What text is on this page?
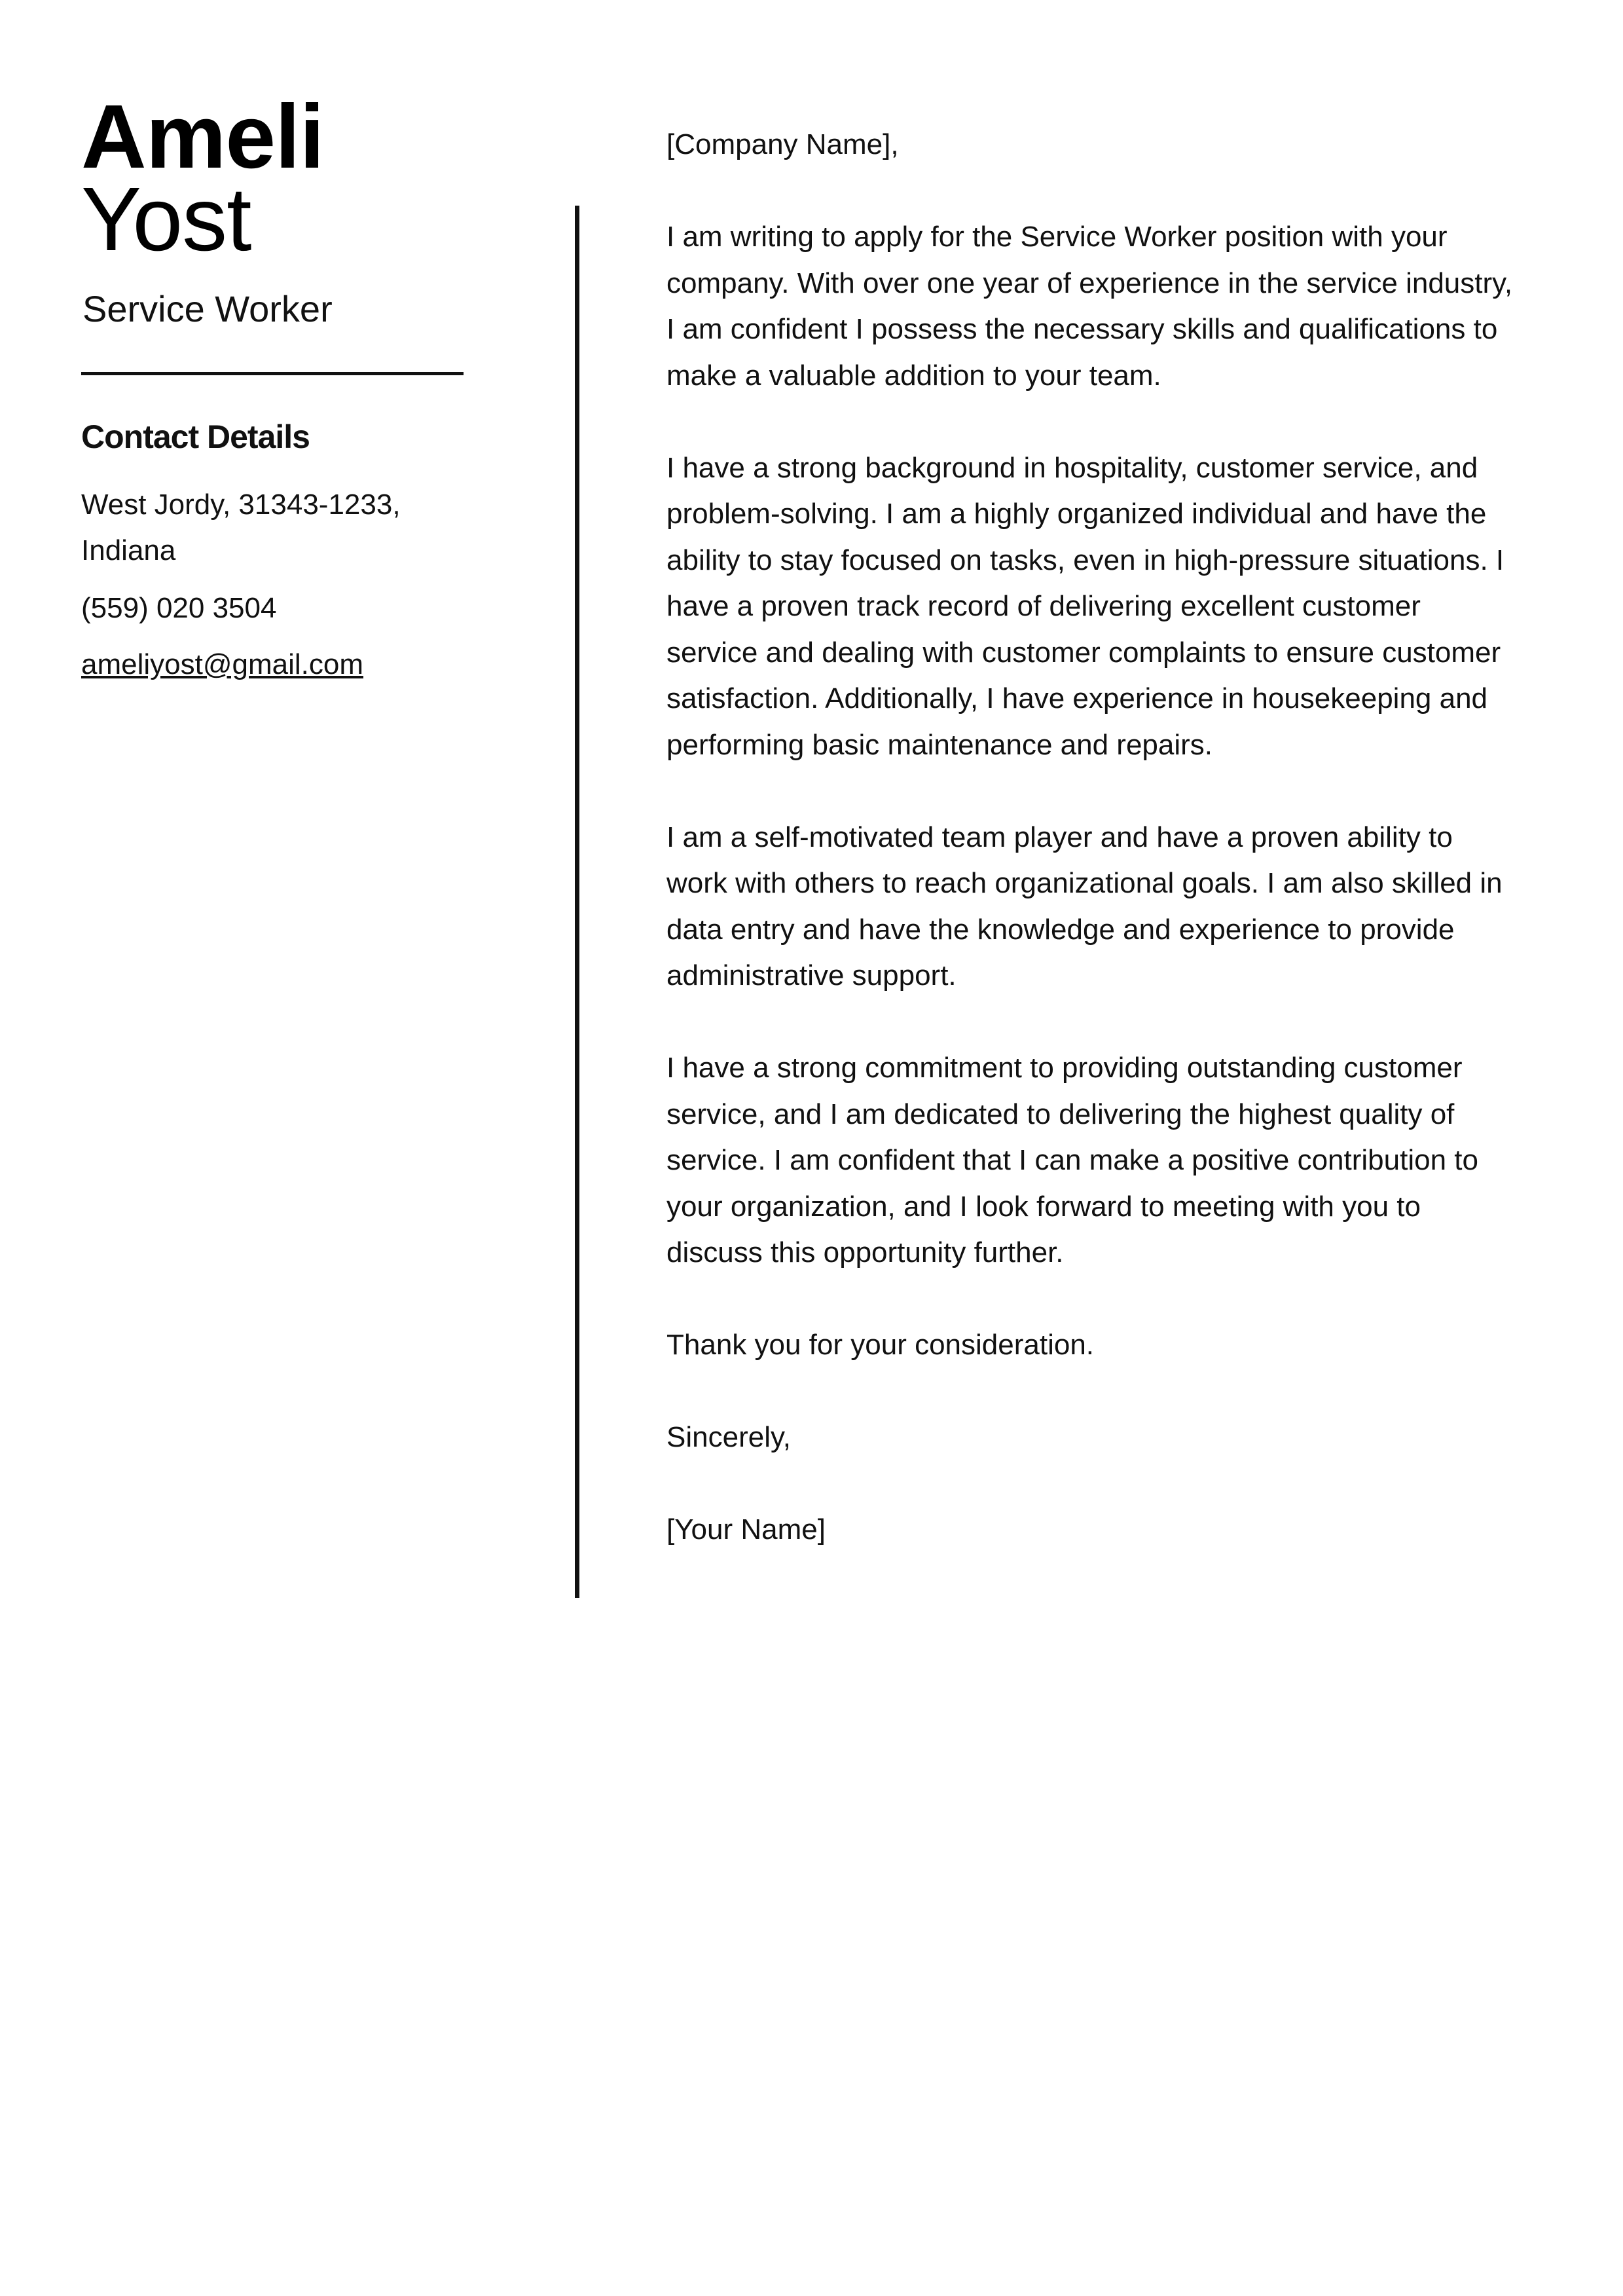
Ameli
Yost
Service Worker
Contact Details
West Jordy, 31343-1233, Indiana
(559) 020 3504
ameliyost@gmail.com

[Company Name],

I am writing to apply for the Service Worker position with your company. With over one year of experience in the service industry, I am confident I possess the necessary skills and qualifications to make a valuable addition to your team.

I have a strong background in hospitality, customer service, and problem-solving. I am a highly organized individual and have the ability to stay focused on tasks, even in high-pressure situations. I have a proven track record of delivering excellent customer service and dealing with customer complaints to ensure customer satisfaction. Additionally, I have experience in housekeeping and performing basic maintenance and repairs.

I am a self-motivated team player and have a proven ability to work with others to reach organizational goals. I am also skilled in data entry and have the knowledge and experience to provide administrative support.

I have a strong commitment to providing outstanding customer service, and I am dedicated to delivering the highest quality of service. I am confident that I can make a positive contribution to your organization, and I look forward to meeting with you to discuss this opportunity further.

Thank you for your consideration.

Sincerely,

[Your Name]
